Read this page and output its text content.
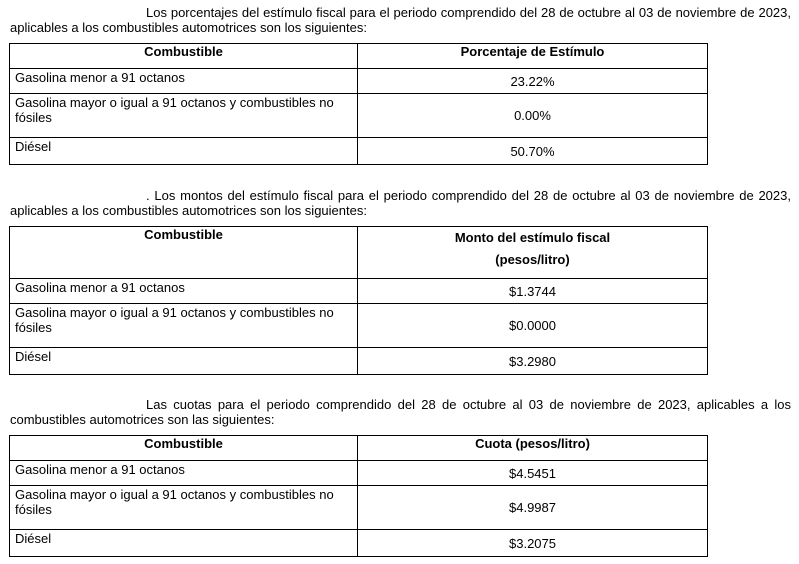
Los porcentajes del estímulo fiscal para el periodo comprendido del 28 de octubre al 03 de noviembre de 2023, aplicables a los combustibles automotrices son los siguientes:

Combustible	Porcentaje de Estímulo
Gasolina menor a 91 octanos	23.22%
Gasolina mayor o igual a 91 octanos y combustibles no fósiles	0.00%
Diésel	50.70%

. Los montos del estímulo fiscal para el periodo comprendido del 28 de octubre al 03 de noviembre de 2023, aplicables a los combustibles automotrices son los siguientes:

Combustible	Monto del estímulo fiscal
(pesos/litro)
Gasolina menor a 91 octanos	$1.3744
Gasolina mayor o igual a 91 octanos y combustibles no fósiles	$0.0000
Diésel	$3.2980

Las cuotas para el periodo comprendido del 28 de octubre al 03 de noviembre de 2023, aplicables a los combustibles automotrices son las siguientes:

Combustible	Cuota (pesos/litro)
Gasolina menor a 91 octanos	$4.5451
Gasolina mayor o igual a 91 octanos y combustibles no fósiles	$4.9987
Diésel	$3.2075
